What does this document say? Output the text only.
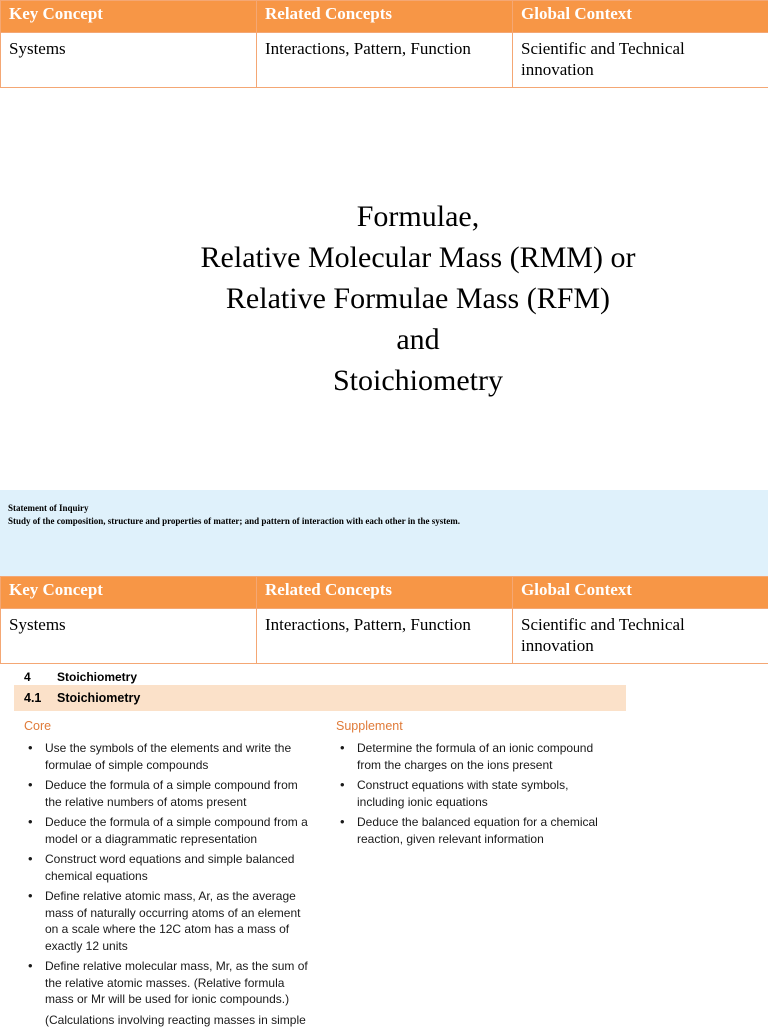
Key Concept	Related Concepts	Global Context
Systems	Interactions, Pattern, Function	Scientific and Technical innovation
Formulae,
Relative Molecular Mass (RMM) or
Relative Formulae Mass (RFM)
and
Stoichiometry
Statement of Inquiry
Study of the composition, structure and properties of matter; and pattern of interaction with each other in the system.
Key Concept	Related Concepts	Global Context
Systems	Interactions, Pattern, Function	Scientific and Technical innovation
4 Stoichiometry
4.1 Stoichiometry
Core	Supplement
• Use the symbols of the elements and write the formulae of simple compounds
• Deduce the formula of a simple compound from the relative numbers of atoms present
• Deduce the formula of a simple compound from a model or a diagrammatic representation
• Construct word equations and simple balanced chemical equations
• Define relative atomic mass, Ar, as the average mass of naturally occurring atoms of an element on a scale where the 12C atom has a mass of exactly 12 units
• Define relative molecular mass, Mr, as the sum of the relative atomic masses. (Relative formula mass or Mr will be used for ionic compounds.)
(Calculations involving reacting masses in simple
• Determine the formula of an ionic compound from the charges on the ions present
• Construct equations with state symbols, including ionic equations
• Deduce the balanced equation for a chemical reaction, given relevant information
